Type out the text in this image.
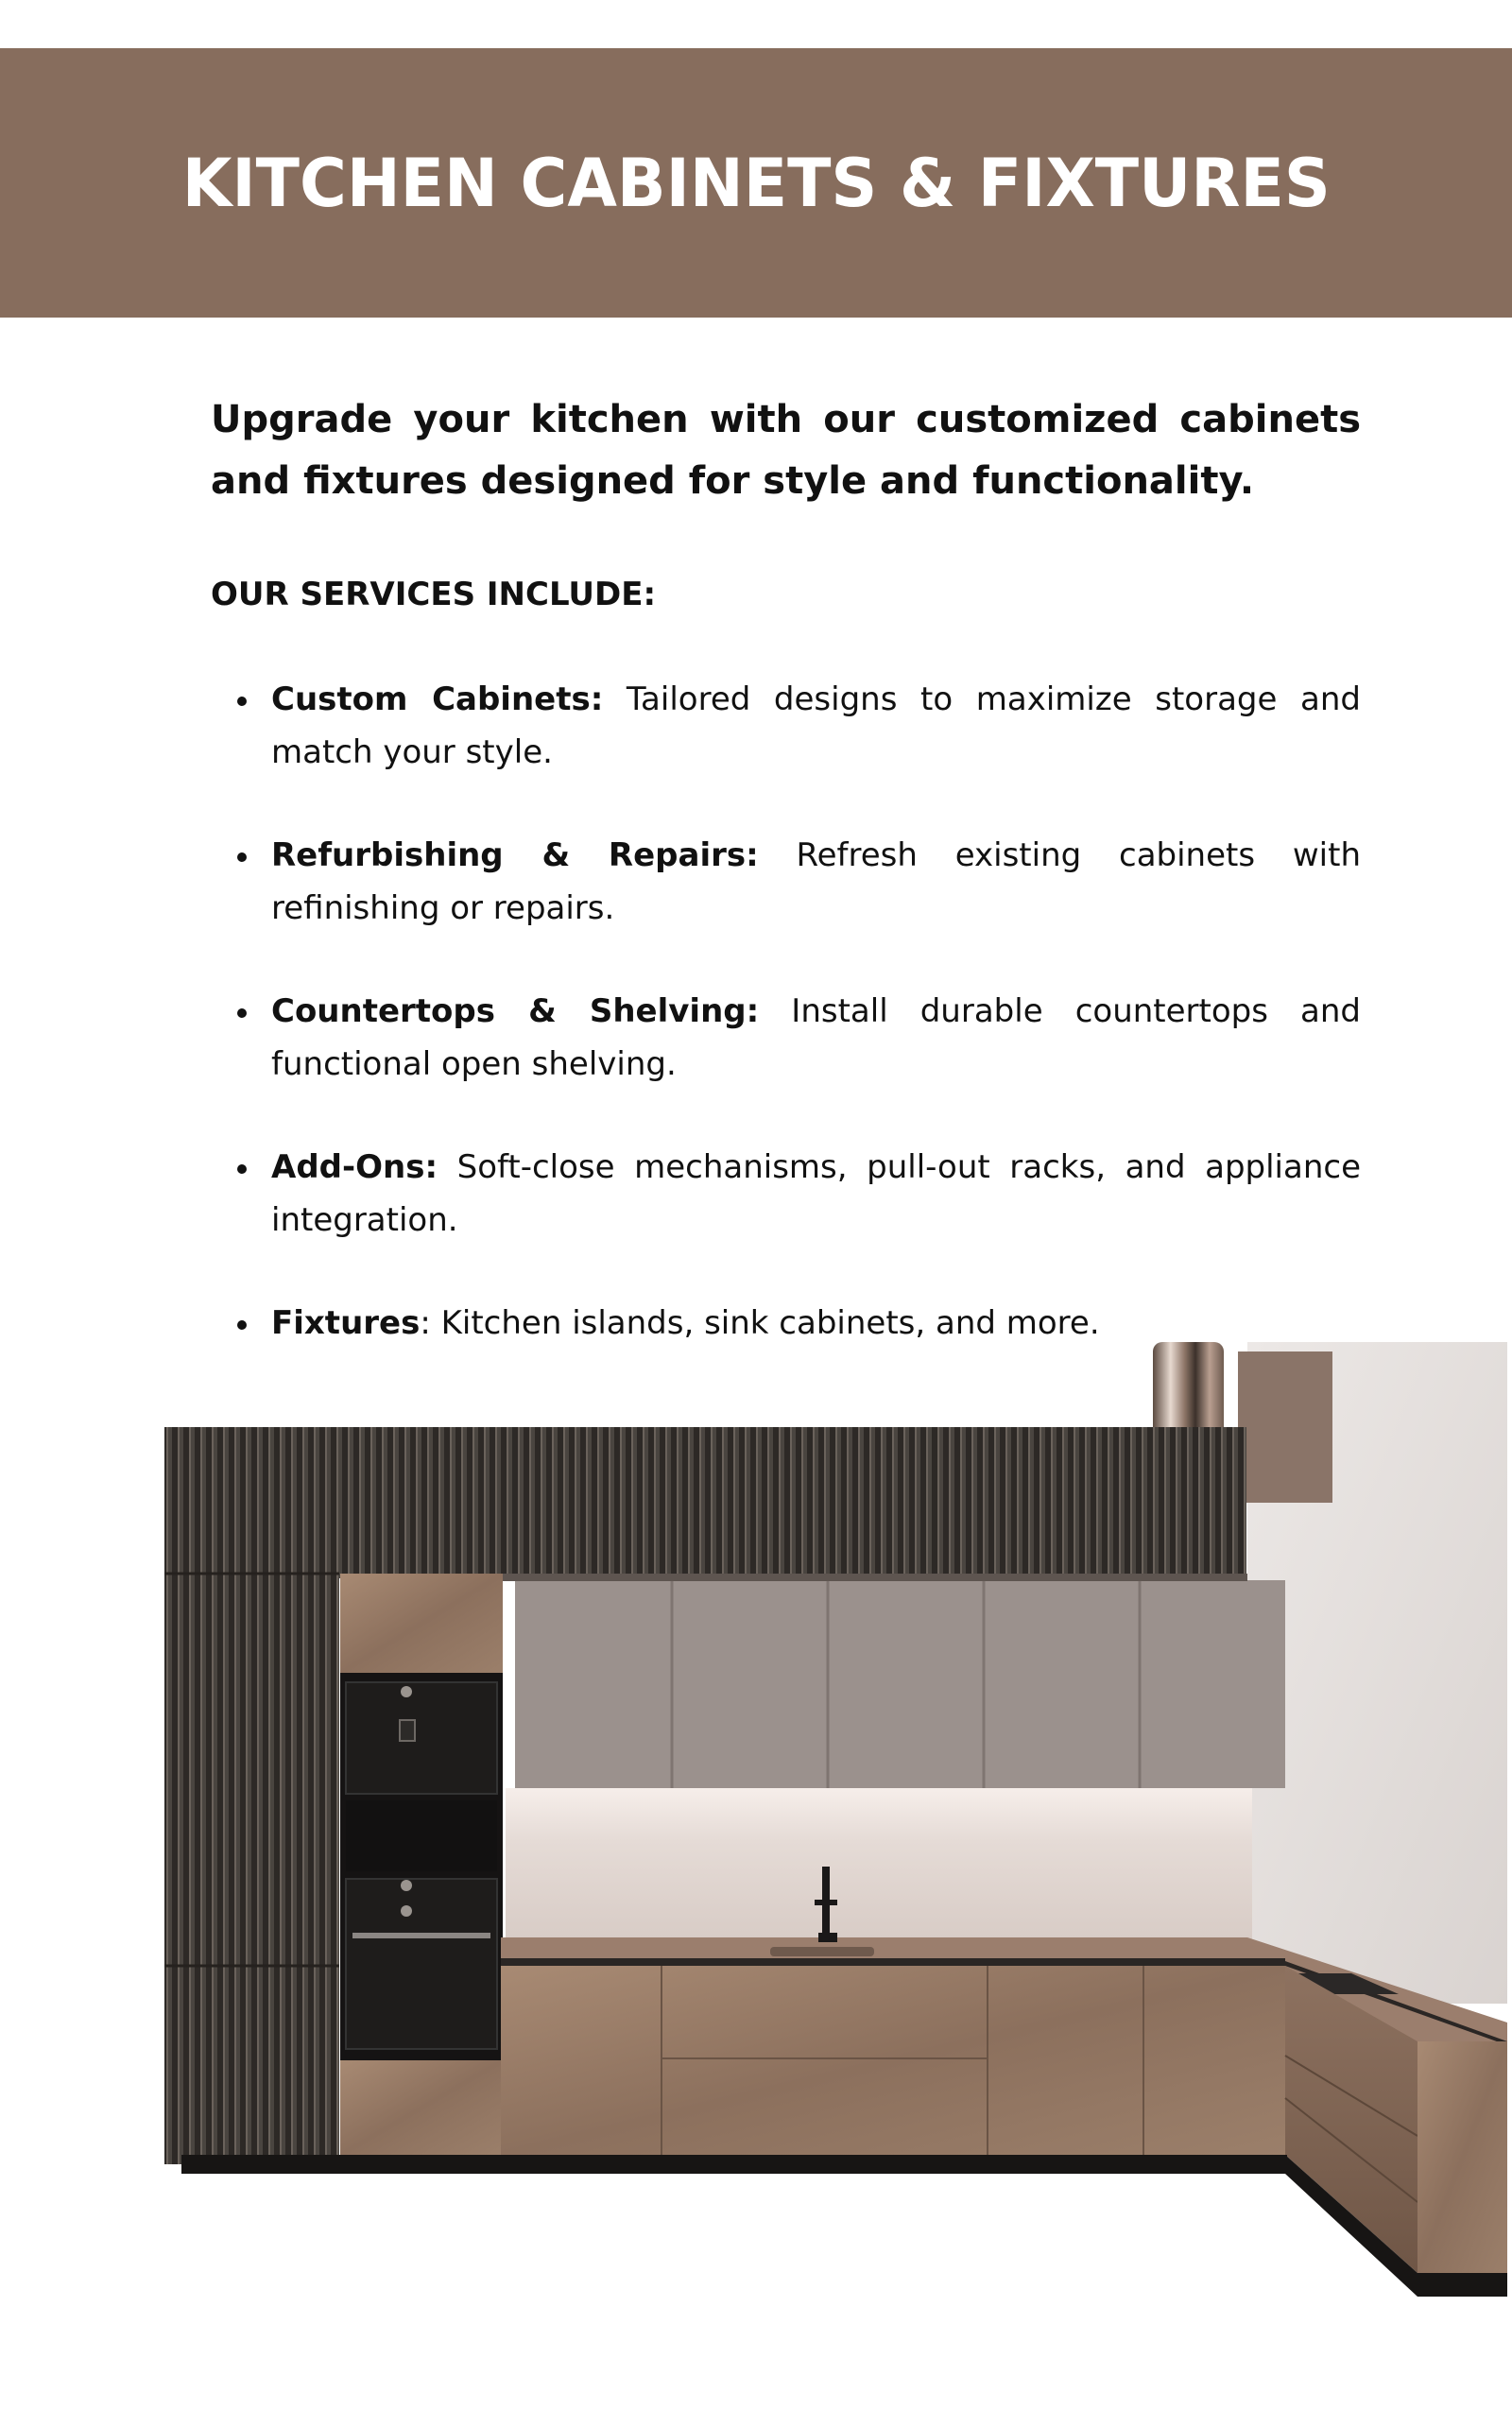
KITCHEN CABINETS & FIXTURES

Upgrade your kitchen with our customized cabinets and fixtures designed for style and functionality.

OUR SERVICES INCLUDE:
Custom Cabinets: Tailored designs to maximize storage and match your style.
Refurbishing & Repairs: Refresh existing cabinets with refinishing or repairs.
Countertops & Shelving: Install durable countertops and functional open shelving.
Add-Ons: Soft-close mechanisms, pull-out racks, and appliance integration.
Fixtures: Kitchen islands, sink cabinets, and more.
